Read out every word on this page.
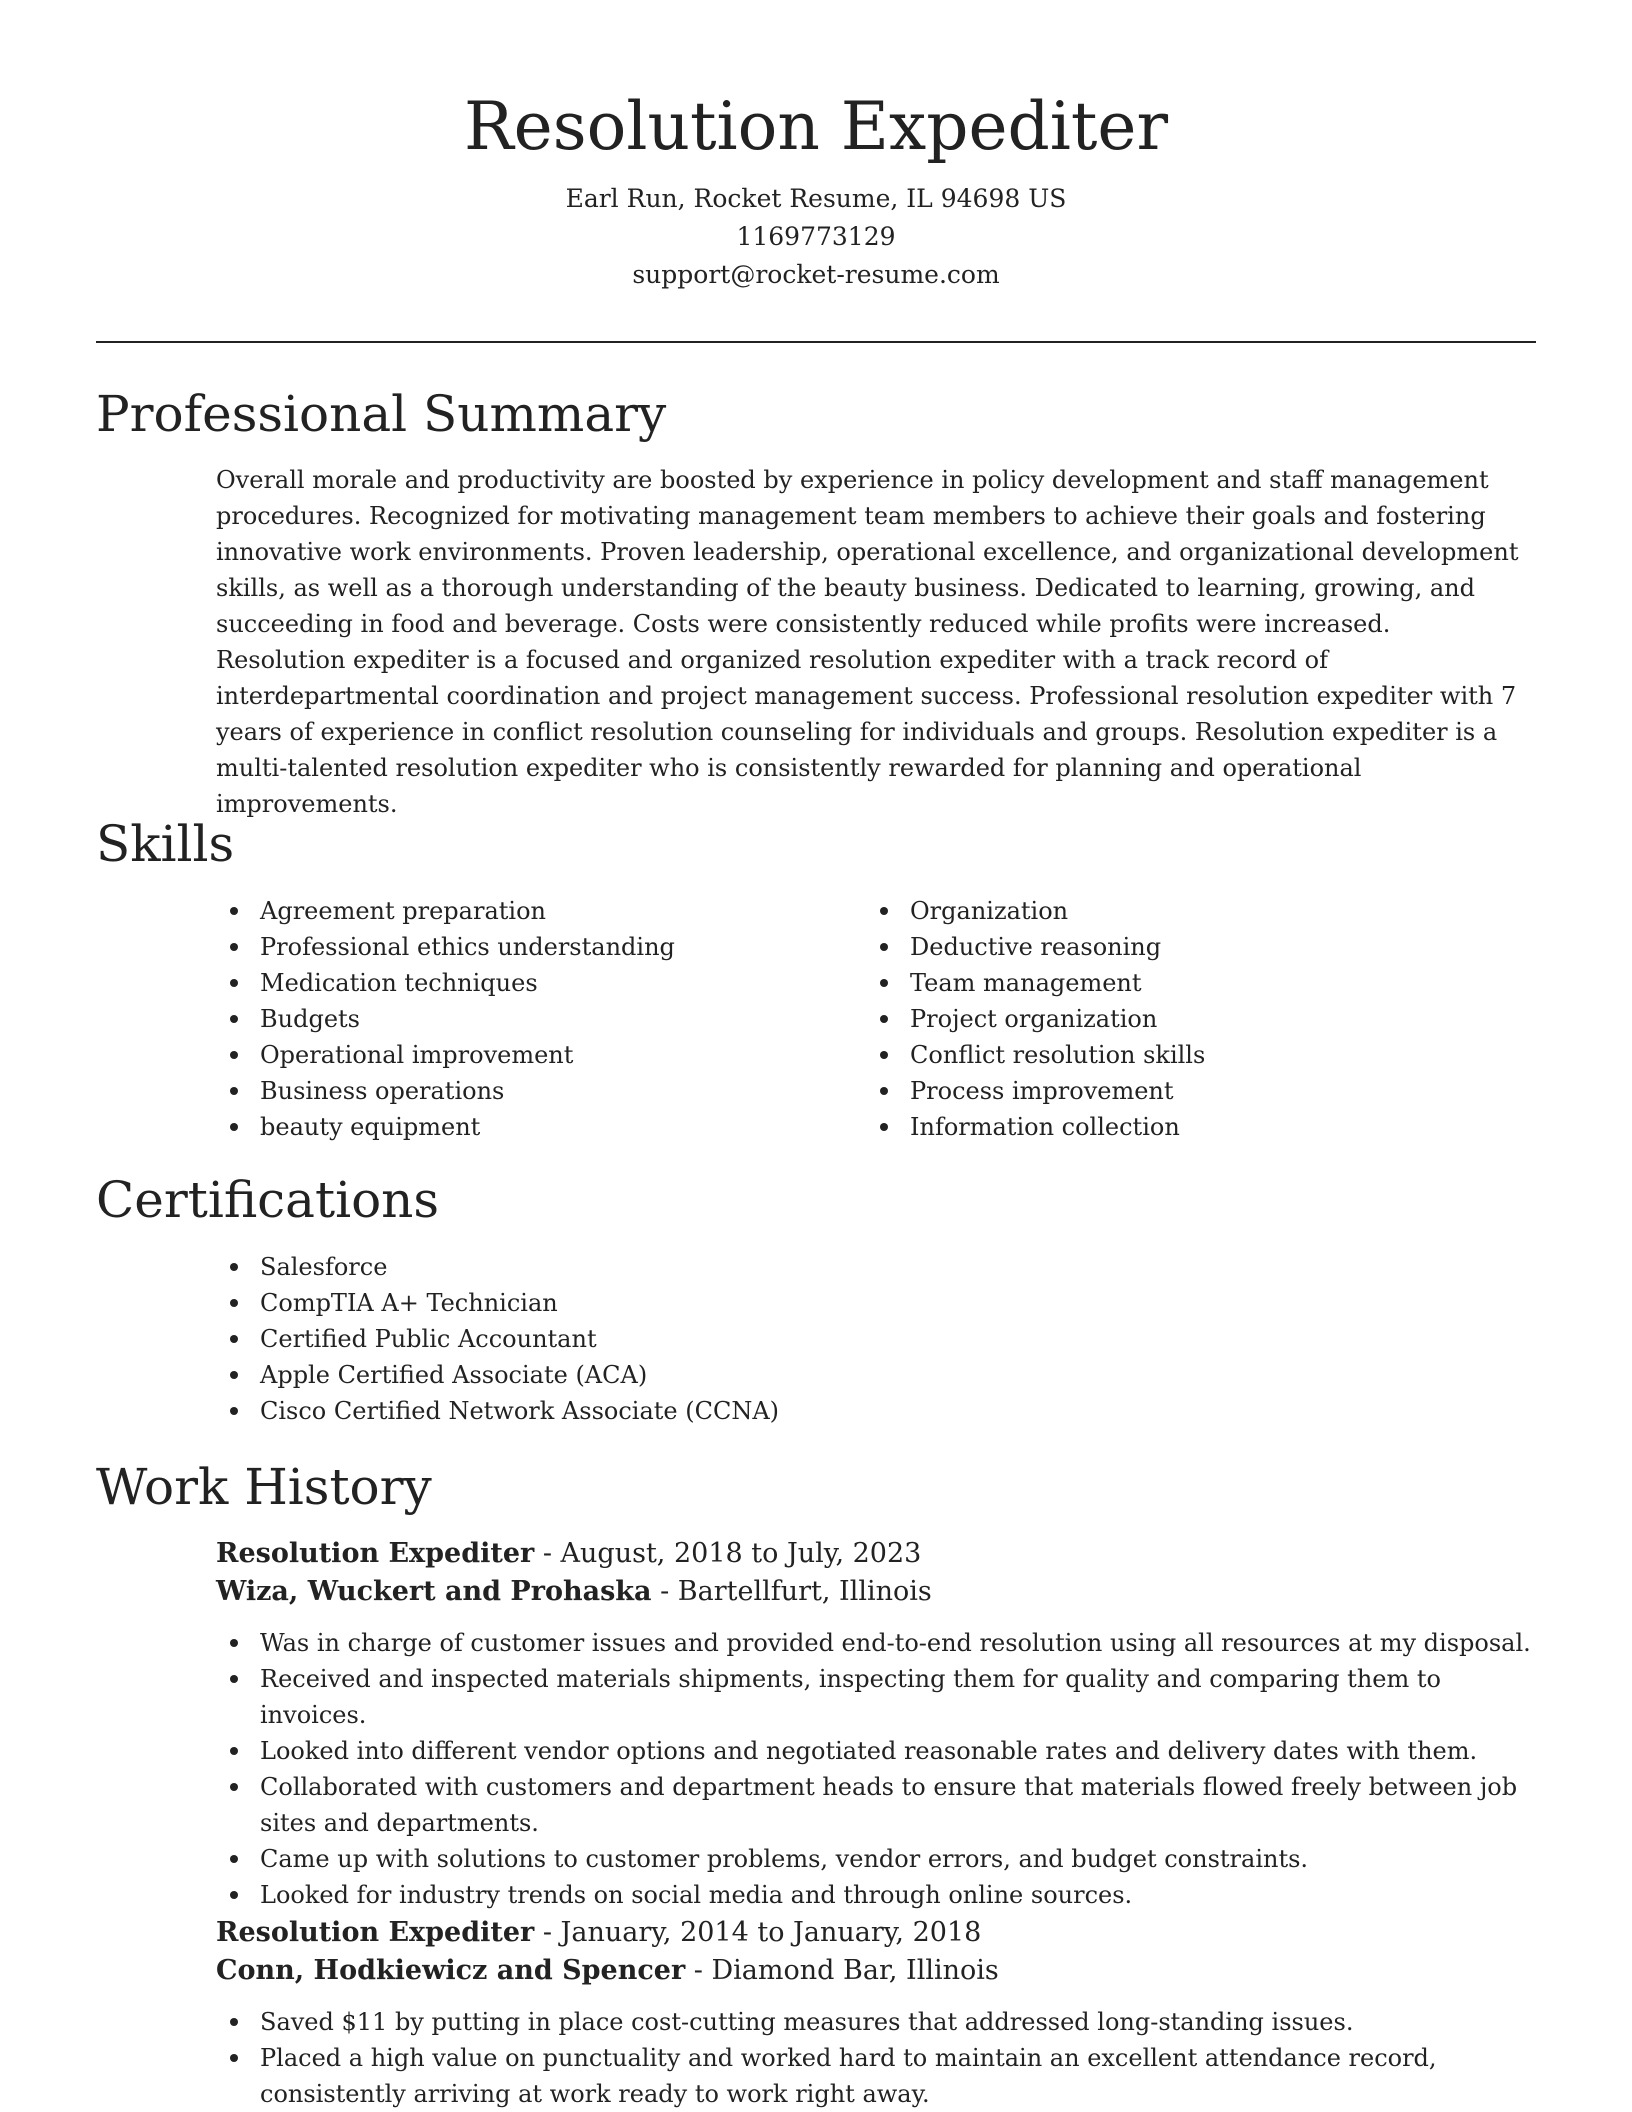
Resolution Expediter
Earl Run, Rocket Resume, IL 94698 US
1169773129
support@rocket-resume.com
Professional Summary

Overall morale and productivity are boosted by experience in policy development and staff management procedures. Recognized for motivating management team members to achieve their goals and fostering innovative work environments. Proven leadership, operational excellence, and organizational development skills, as well as a thorough understanding of the beauty business. Dedicated to learning, growing, and succeeding in food and beverage. Costs were consistently reduced while profits were increased. Resolution expediter is a focused and organized resolution expediter with a track record of interdepartmental coordination and project management success. Professional resolution expediter with 7 years of experience in conflict resolution counseling for individuals and groups. Resolution expediter is a multi-talented resolution expediter who is consistently rewarded for planning and operational improvements.

Skills
Agreement preparation
Professional ethics understanding
Medication techniques
Budgets
Operational improvement
Business operations
beauty equipment
Organization
Deductive reasoning
Team management
Project organization
Conflict resolution skills
Process improvement
Information collection
Certifications
Salesforce
CompTIA A+ Technician
Certified Public Accountant
Apple Certified Associate (ACA)
Cisco Certified Network Associate (CCNA)
Work History
Resolution Expediter - August, 2018 to July, 2023
Wiza, Wuckert and Prohaska - Bartellfurt, Illinois
Was in charge of customer issues and provided end-to-end resolution using all resources at my disposal.
Received and inspected materials shipments, inspecting them for quality and comparing them to invoices.
Looked into different vendor options and negotiated reasonable rates and delivery dates with them.
Collaborated with customers and department heads to ensure that materials flowed freely between job sites and departments.
Came up with solutions to customer problems, vendor errors, and budget constraints.
Looked for industry trends on social media and through online sources.
Resolution Expediter - January, 2014 to January, 2018
Conn, Hodkiewicz and Spencer - Diamond Bar, Illinois
Saved $11 by putting in place cost-cutting measures that addressed long-standing issues.
Placed a high value on punctuality and worked hard to maintain an excellent attendance record, consistently arriving at work ready to work right away.
